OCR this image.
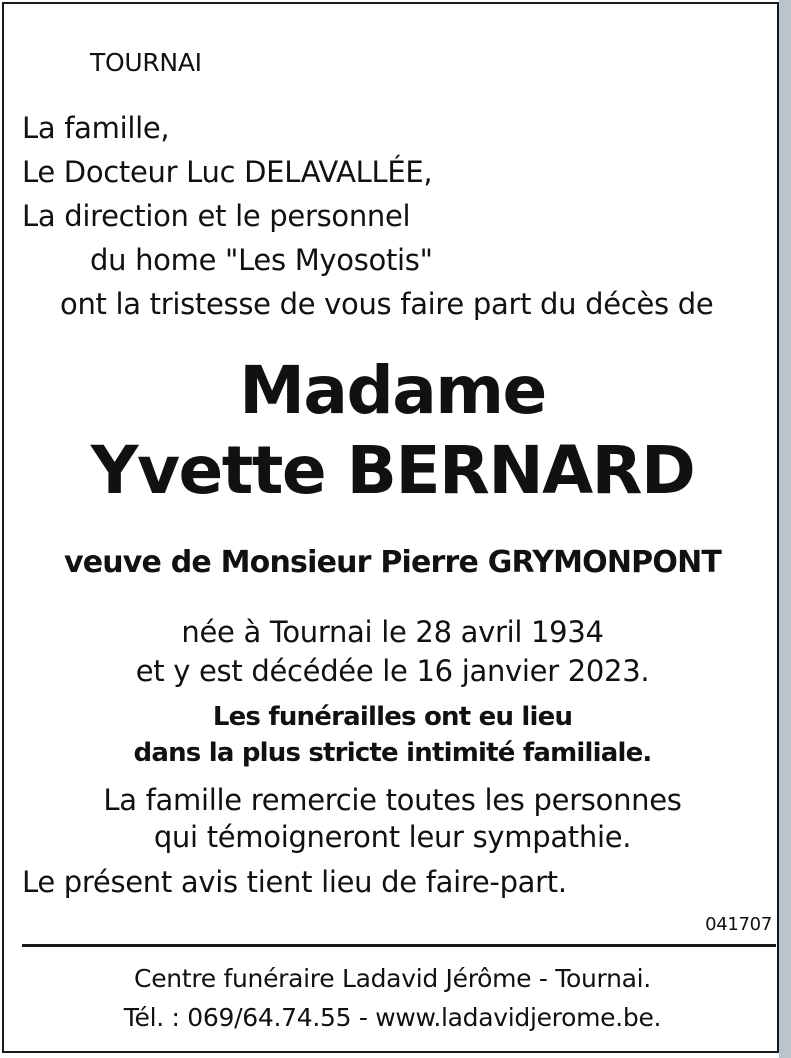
TOURNAI
La famille,
Le Docteur Luc DELAVALLÉE,
La direction et le personnel
du home "Les Myosotis"
ont la tristesse de vous faire part du décès de
Madame
Yvette BERNARD
veuve de Monsieur Pierre GRYMONPONT
née à Tournai le 28 avril 1934
et y est décédée le 16 janvier 2023.
Les funérailles ont eu lieu
dans la plus stricte intimité familiale.
La famille remercie toutes les personnes
qui témoigneront leur sympathie.
Le présent avis tient lieu de faire-part.
041707
Centre funéraire Ladavid Jérôme - Tournai.
Tél. : 069/64.74.55 - www.ladavidjerome.be.
